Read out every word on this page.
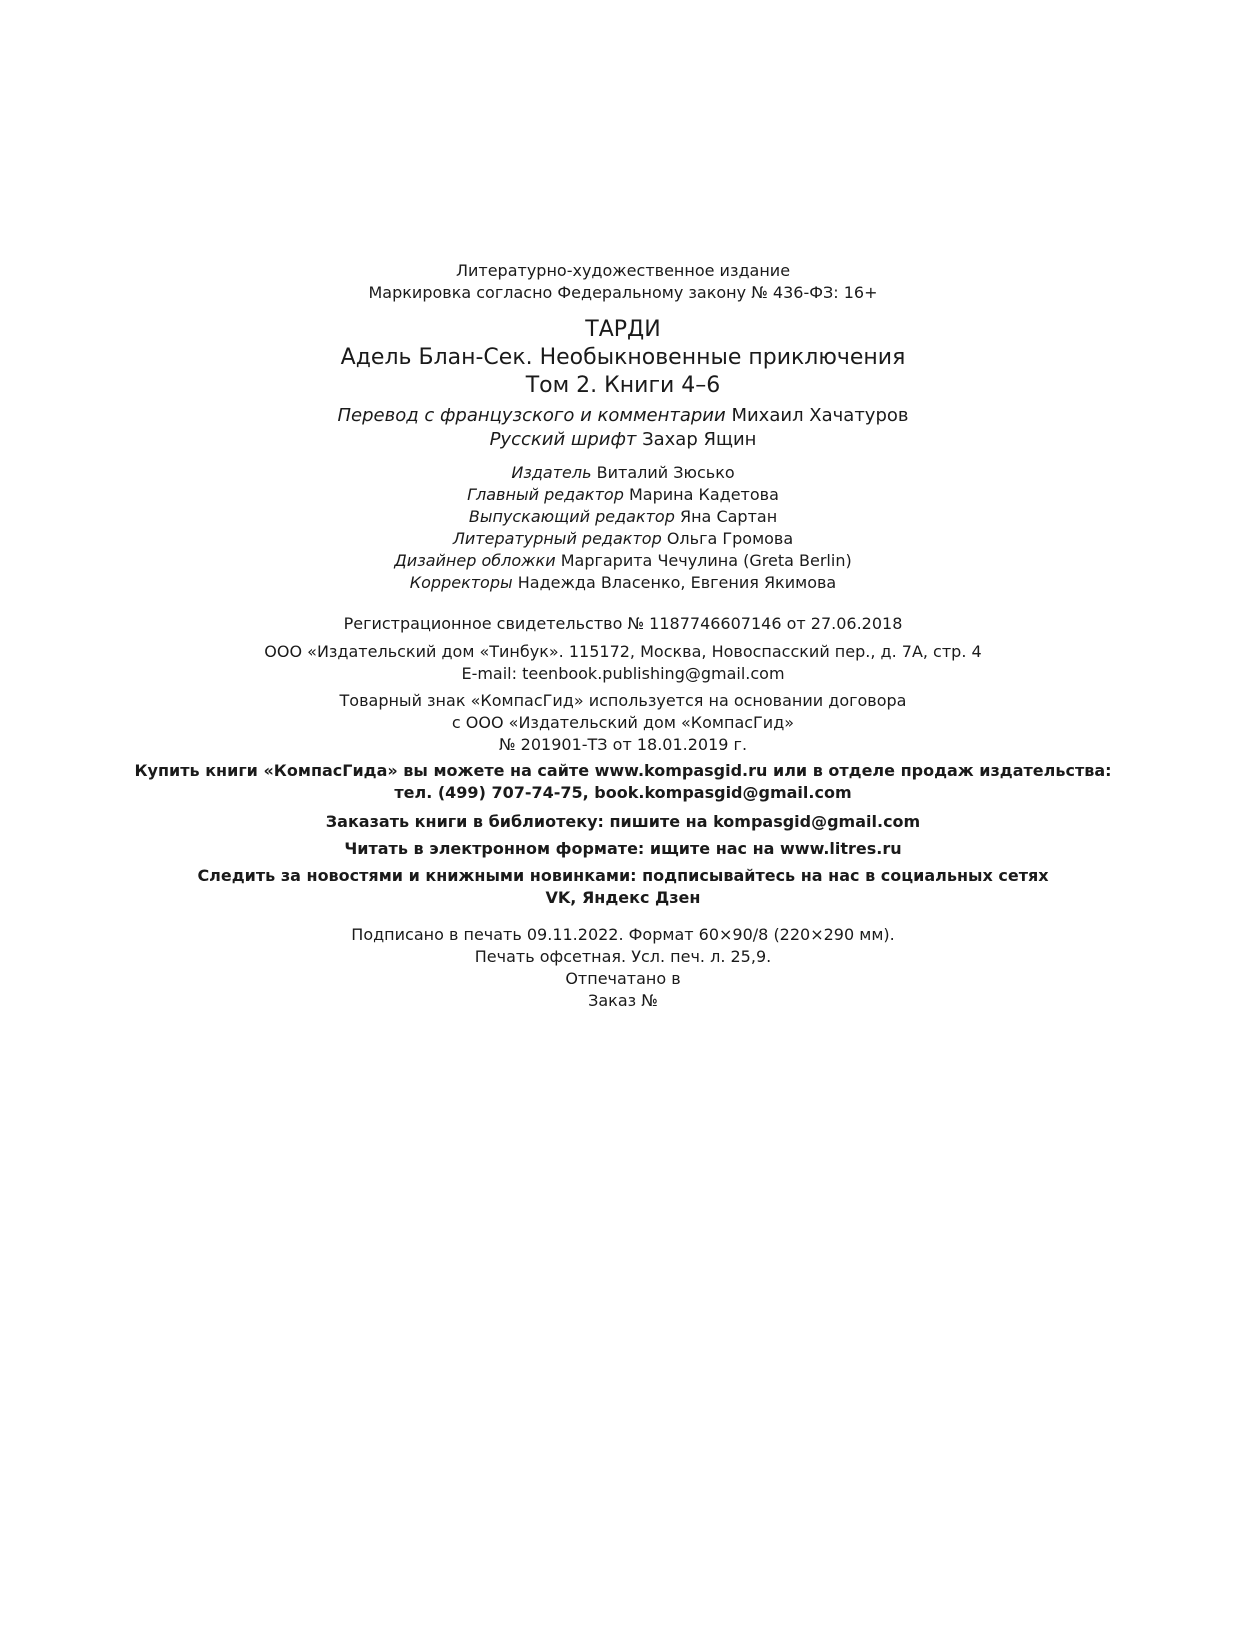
Литературно-художественное издание
Маркировка согласно Федеральному закону № 436-ФЗ: 16+
ТАРДИ
Адель Блан-Сек. Необыкновенные приключения
Том 2. Книги 4–6
Перевод с французского и комментарии Михаил Хачатуров
Русский шрифт Захар Ящин
Издатель Виталий Зюсько
Главный редактор Марина Кадетова
Выпускающий редактор Яна Сартан
Литературный редактор Ольга Громова
Дизайнер обложки Маргарита Чечулина (Greta Berlin)
Корректоры Надежда Власенко, Евгения Якимова
Регистрационное свидетельство № 1187746607146 от 27.06.2018
ООО «Издательский дом «Тинбук». 115172, Москва, Новоспасский пер., д. 7А, стр. 4
E-mail: teenbook.publishing@gmail.com
Товарный знак «КомпасГид» используется на основании договора
с ООО «Издательский дом «КомпасГид»
№ 201901-ТЗ от 18.01.2019 г.
Купить книги «КомпасГида» вы можете на сайте www.kompasgid.ru или в отделе продаж издательства:
тел. (499) 707-74-75, book.kompasgid@gmail.com
Заказать книги в библиотеку: пишите на kompasgid@gmail.com
Читать в электронном формате: ищите нас на www.litres.ru
Следить за новостями и книжными новинками: подписывайтесь на нас в социальных сетях
VK, Яндекс Дзен
Подписано в печать 09.11.2022. Формат 60×90/8 (220×290 мм).
Печать офсетная. Усл. печ. л. 25,9.
Отпечатано в
Заказ №
